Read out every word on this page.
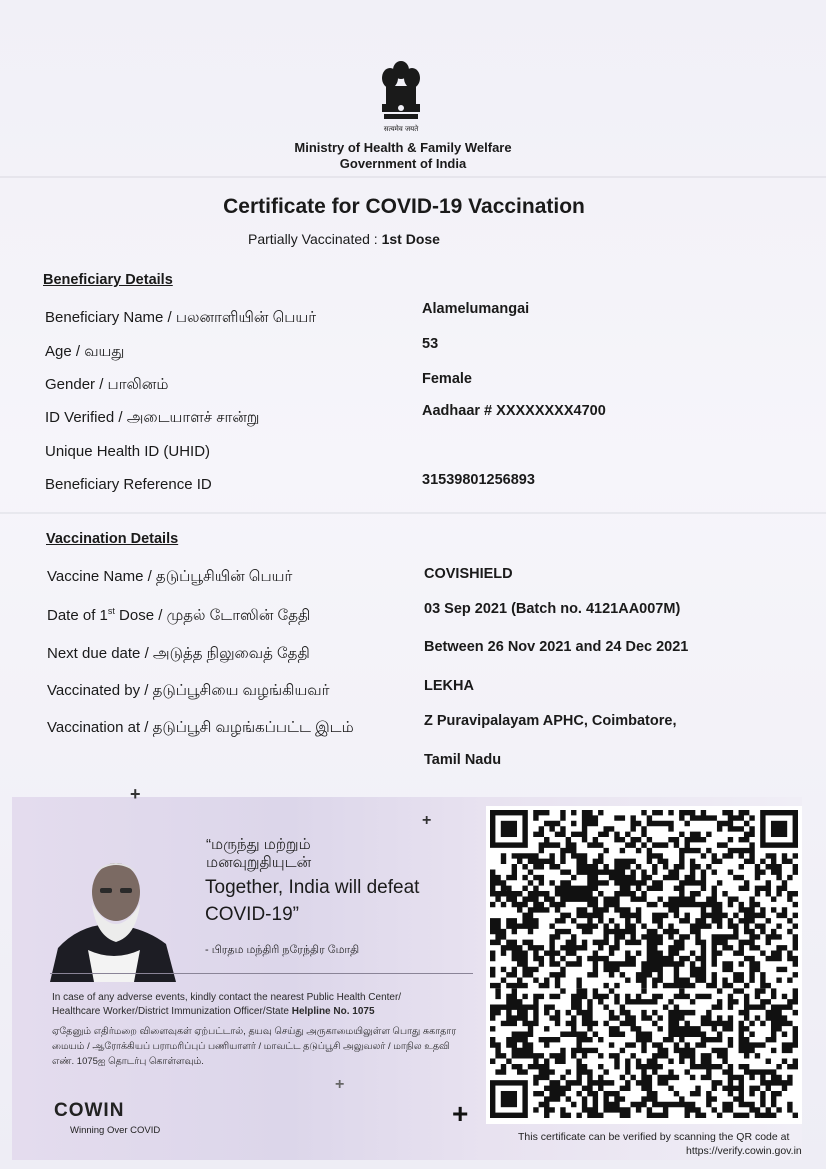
सत्यमेव जयते
Ministry of Health & Family Welfare
Government of India
Certificate for COVID-19 Vaccination
Partially Vaccinated : 1st Dose
Beneficiary Details
Beneficiary Name / பலனாளியின் பெயர்	Alamelumangai
Age / வயது	53
Gender / பாலினம்	Female
ID Verified / அடையாளச் சான்று	Aadhaar # XXXXXXXX4700
Unique Health ID (UHID)
Beneficiary Reference ID	31539801256893
Vaccination Details
Vaccine Name / தடுப்பூசியின் பெயர்	COVISHIELD
Date of 1st Dose / முதல் டோஸின் தேதி	03 Sep 2021 (Batch no. 4121AA007M)
Next due date / அடுத்த நிலுவைத் தேதி	Between 26 Nov 2021 and 24 Dec 2021
Vaccinated by / தடுப்பூசியை வழங்கியவர்	LEKHA
Vaccination at / தடுப்பூசி வழங்கப்பட்ட இடம்	Z Puravipalayam APHC, Coimbatore,
Tamil Nadu
+
+
+
+
“மருந்து மற்றும்
மனவுறுதியுடன்
Together, India will defeat
COVID-19”
- பிரதம மந்திரி நரேந்திர மோதி
In case of any adverse events, kindly contact the nearest Public Health Center/ Healthcare Worker/District Immunization Officer/State Helpline No. 1075
ஏதேனும் எதிர்மறை விளைவுகள் ஏற்பட்டால், தயவு செய்து அருகாமையிலுள்ள பொது சுகாதார மையம் / ஆரோக்கியப் பராமரிப்புப் பணியாளர் / மாவட்ட தடுப்பூசி அலுவலர் / மாநில உதவி எண். 1075ஐ தொடர்பு கொள்ளவும்.
COWIN
Winning Over COVID
This certificate can be verified by scanning the QR code at
https://verify.cowin.gov.in
